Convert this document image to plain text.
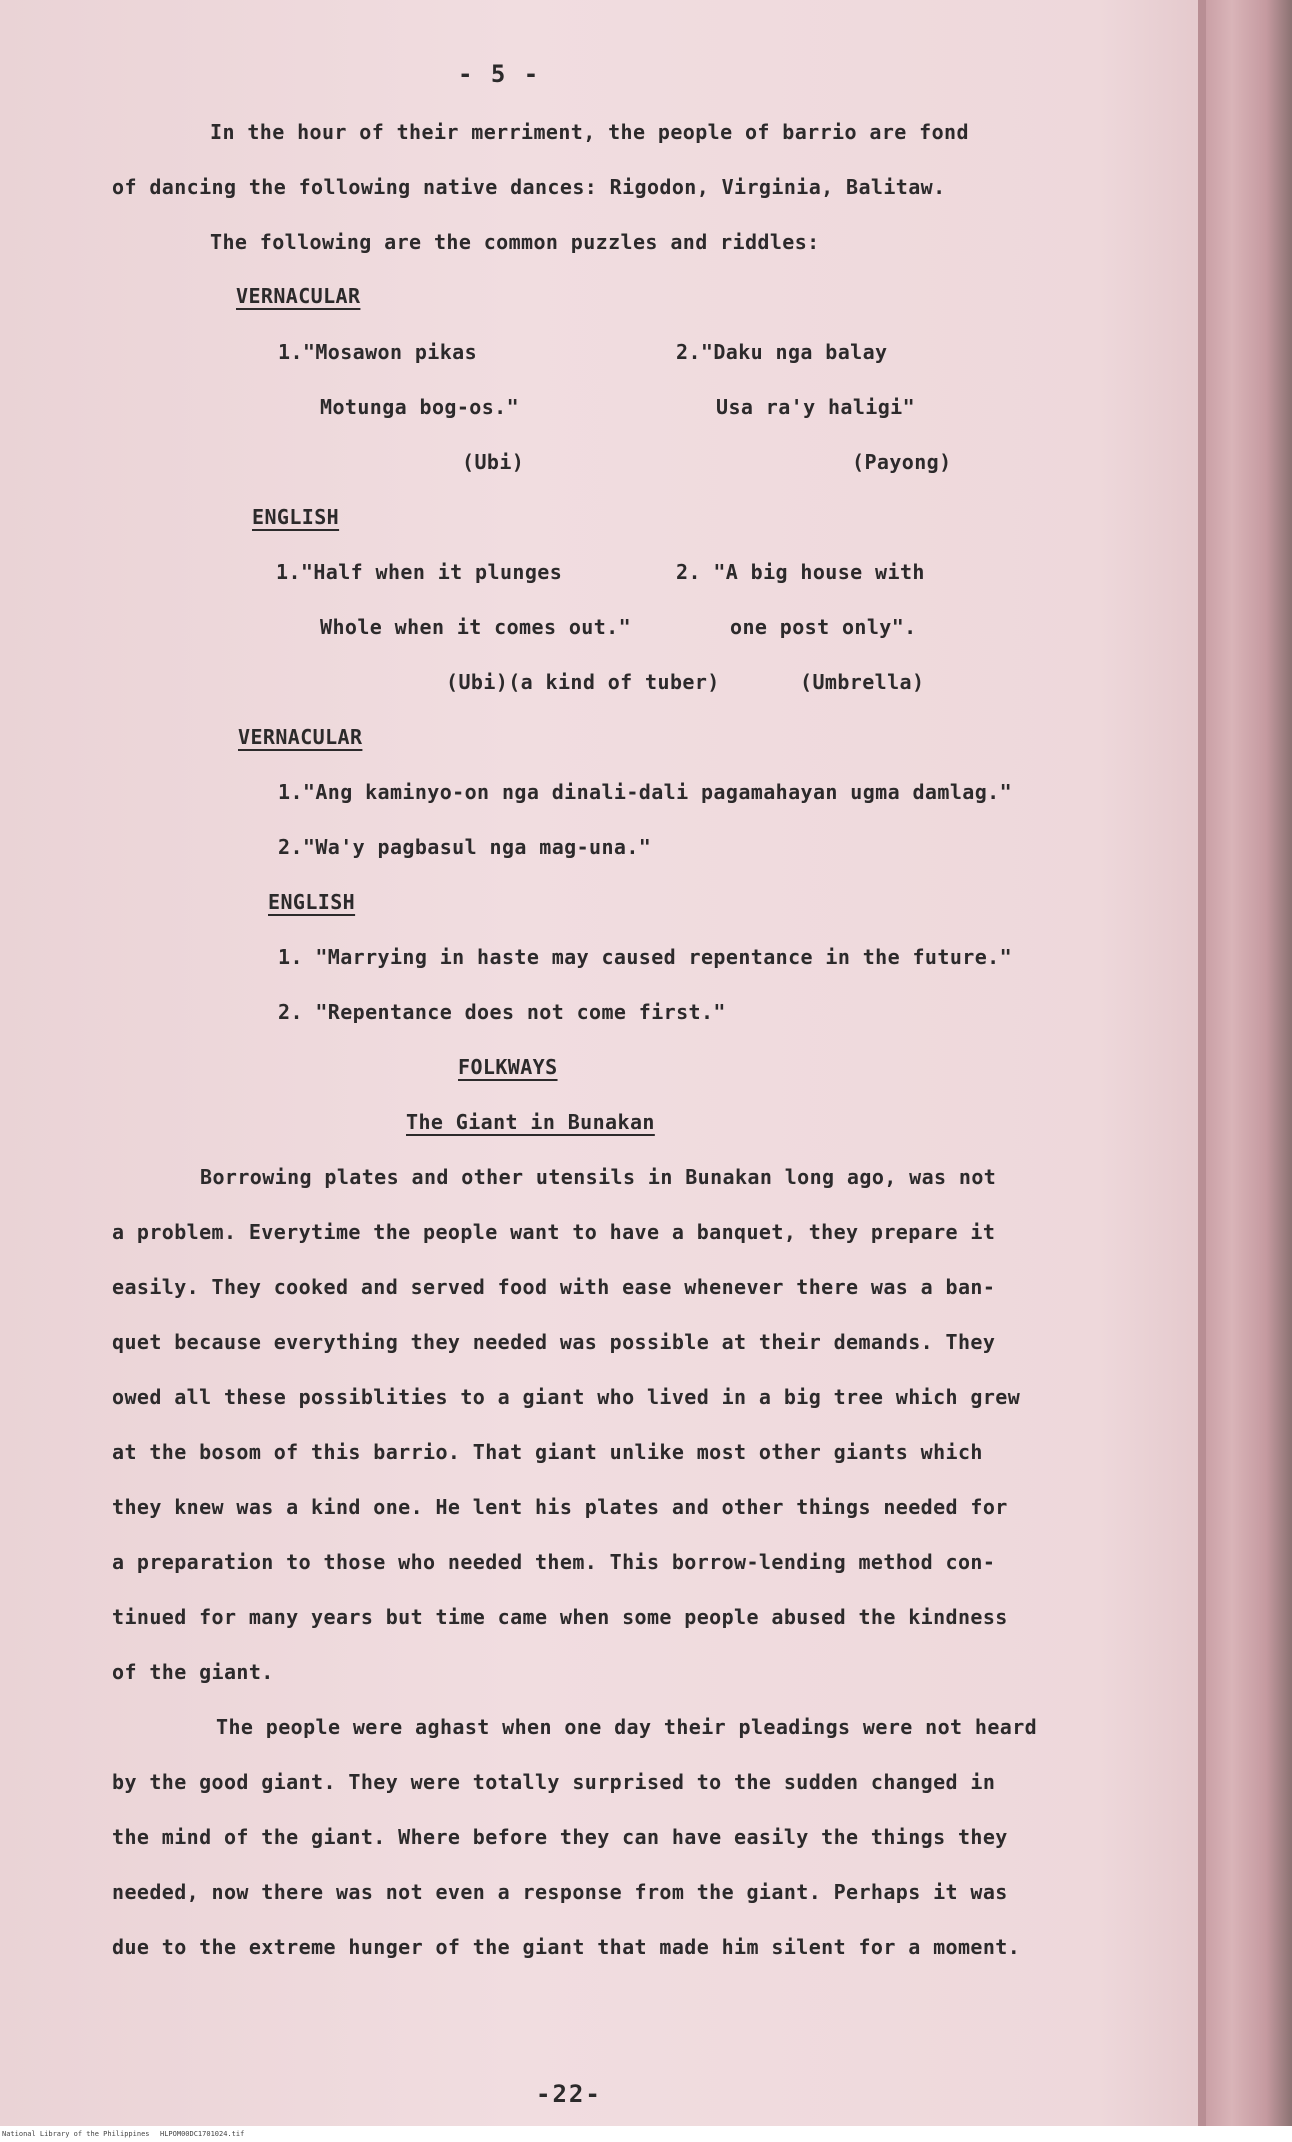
- 5 -

In the hour of their merriment, the people of barrio are fond

of dancing the following native dances: Rigodon, Virginia, Balitaw.

The following are the common puzzles and riddles:

VERNACULAR

1."Mosawon pikas	2."Daku nga balay

Motunga bog-os."	Usa ra'y haligi"

(Ubi)	(Payong)

ENGLISH

1."Half when it plunges	2. "A big house with

Whole when it comes out."	one post only".

(Ubi)(a kind of tuber)	(Umbrella)

VERNACULAR

1."Ang kaminyo-on nga dinali-dali pagamahayan ugma damlag."

2."Wa'y pagbasul nga mag-una."

ENGLISH

1. "Marrying in haste may caused repentance in the future."

2. "Repentance does not come first."

FOLKWAYS

The Giant in Bunakan

Borrowing plates and other utensils in Bunakan long ago, was not

a problem. Everytime the people want to have a banquet, they prepare it

easily. They cooked and served food with ease whenever there was a ban-

quet because everything they needed was possible at their demands. They

owed all these possiblities to a giant who lived in a big tree which grew

at the bosom of this barrio. That giant unlike most other giants which

they knew was a kind one. He lent his plates and other things needed for

a preparation to those who needed them. This borrow-lending method con-

tinued for many years but time came when some people abused the kindness

of the giant.

The people were aghast when one day their pleadings were not heard

by the good giant. They were totally surprised to the sudden changed in

the mind of the giant. Where before they can have easily the things they

needed, now there was not even a response from the giant. Perhaps it was

due to the extreme hunger of the giant that made him silent for a moment.

-22-

National Library of the Philippines HLPOM00DC1701024.tif
